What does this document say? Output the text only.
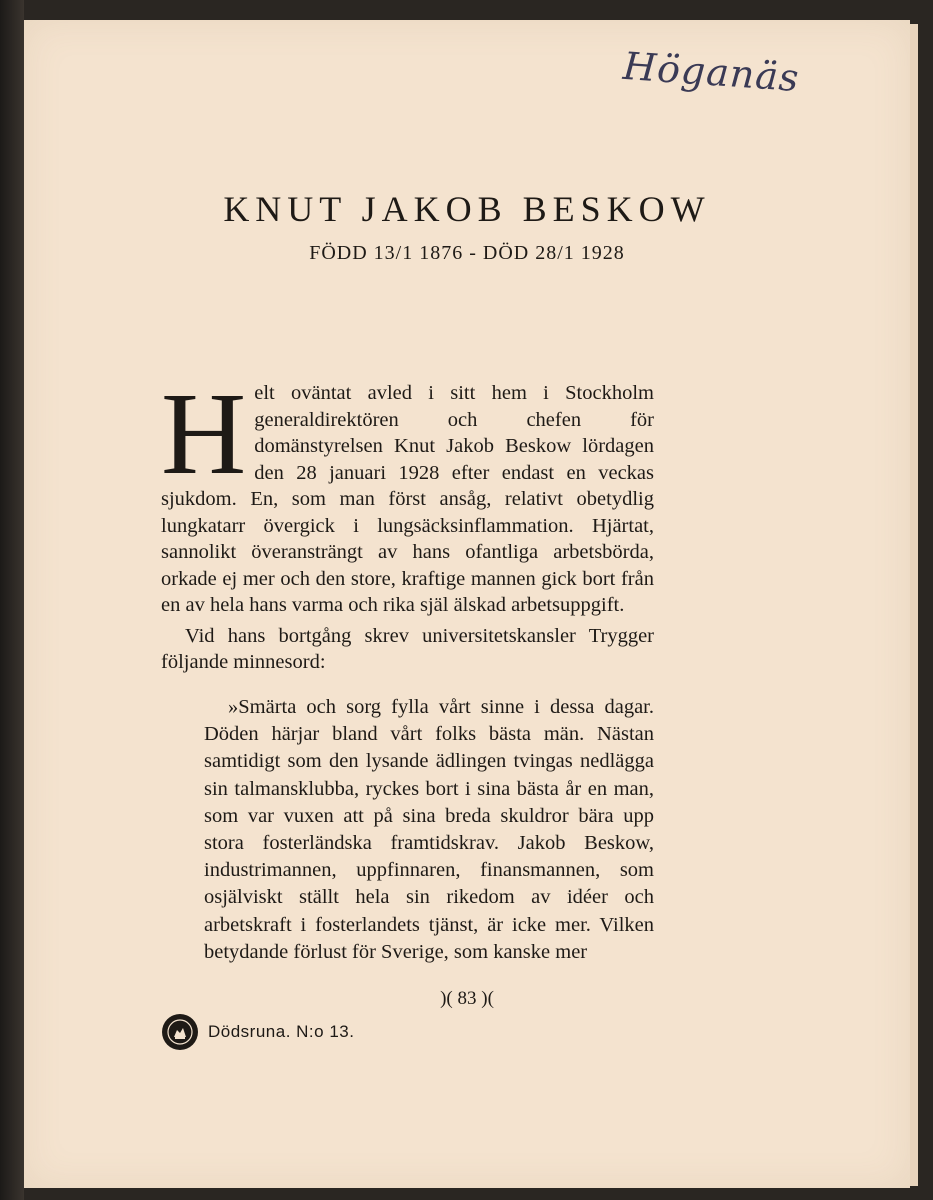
Höganäs
KNUT JAKOB BESKOW
FÖDD 13/1 1876 - DÖD 28/1 1928

Helt oväntat avled i sitt hem i Stockholm generaldirektören och chefen för domänstyrelsen Knut Jakob Beskow lördagen den 28 januari 1928 efter endast en veckas sjukdom. En, som man först ansåg, relativt obetydlig lungkatarr övergick i lungsäcksinflammation. Hjärtat, sannolikt överansträngt av hans ofantliga arbetsbörda, orkade ej mer och den store, kraftige mannen gick bort från en av hela hans varma och rika själ älskad arbetsuppgift.

Vid hans bortgång skrev universitetskansler Trygger följande minnesord:

»Smärta och sorg fylla vårt sinne i dessa dagar. Döden härjar bland vårt folks bästa män. Nästan samtidigt som den lysande ädlingen tvingas nedlägga sin talmansklubba, ryckes bort i sina bästa år en man, som var vuxen att på sina breda skuldror bära upp stora fosterländska framtidskrav. Jakob Beskow, industrimannen, uppfinnaren, finansmannen, som osjälviskt ställt hela sin rikedom av idéer och arbetskraft i fosterlandets tjänst, är icke mer. Vilken betydande förlust för Sverige, som kanske mer

)( 83 )(
Dödsruna. N:o 13.
